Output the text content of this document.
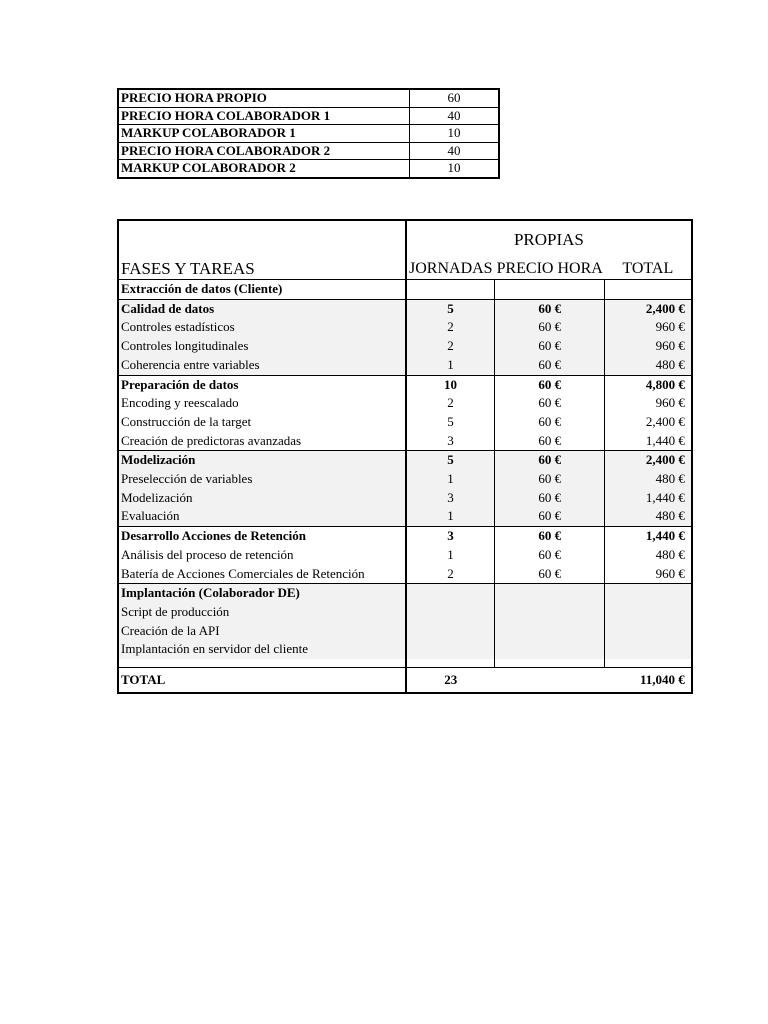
PRECIO HORA PROPIO	60
PRECIO HORA COLABORADOR 1	40
MARKUP COLABORADOR 1	10
PRECIO HORA COLABORADOR 2	40
MARKUP COLABORADOR 2	10
	PROPIAS		
FASES Y TAREAS	JORNADAS	PRECIO HORA	TOTAL
Extracción de datos (Cliente)			
Calidad de datos	5	60 €	2,400 €
Controles estadísticos	2	60 €	960 €
Controles longitudinales	2	60 €	960 €
Coherencia entre variables	1	60 €	480 €
Preparación de datos	10	60 €	4,800 €
Encoding y reescalado	2	60 €	960 €
Construcción de la target	5	60 €	2,400 €
Creación de predictoras avanzadas	3	60 €	1,440 €
Modelización	5	60 €	2,400 €
Preselección de variables	1	60 €	480 €
Modelización	3	60 €	1,440 €
Evaluación	1	60 €	480 €
Desarrollo Acciones de Retención	3	60 €	1,440 €
Análisis del proceso de retención	1	60 €	480 €
Batería de Acciones Comerciales de Retención	2	60 €	960 €
Implantación (Colaborador DE)			
Script de producción			
Creación de la API			
Implantación en servidor del cliente			

TOTAL	23		11,040 €
